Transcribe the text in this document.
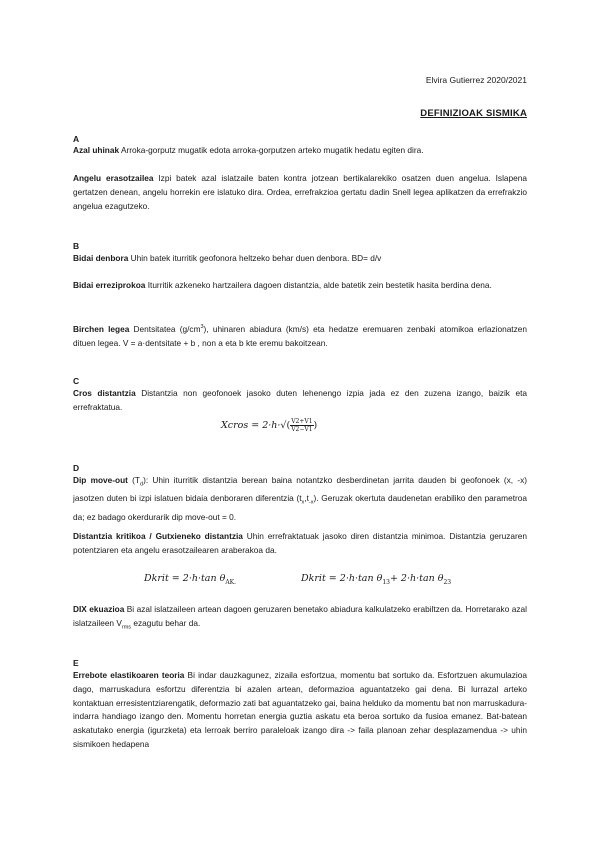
Elvira Gutierrez 2020/2021
DEFINIZIOAK SISMIKA
A
Azal uhinak Arroka-gorputz mugatik edota arroka-gorputzen arteko mugatik hedatu egiten dira.
Angelu erasotzailea Izpi batek azal islatzaile baten kontra jotzean bertikalarekiko osatzen duen angelua. Islapena gertatzen denean, angelu horrekin ere islatuko dira. Ordea, errefrakzioa gertatu dadin Snell legea aplikatzen da errefrakzio angelua ezagutzeko.
B
Bidai denbora Uhin batek iturritik geofonora heltzeko behar duen denbora. BD= d/v
Bidai erreziprokoa Iturritik azkeneko hartzailera dagoen distantzia, alde batetik zein bestetik hasita berdina dena.
Birchen legea Dentsitatea $(g/cm^3)$, uhinaren abiadura (km/s) eta hedatze eremuaren zenbaki atomikoa erlazionatzen dituen legea. V = a·dentsitate + b , non a eta b kte eremu bakoitzean.
C
Cros distantzia Distantzia non geofonoek jasoko duten lehenengo izpia jada ez den zuzena izango, baizik eta errefraktatua.
Xcros = $2\cdot h\cdot√( \frac{V2+V1}{V2-V1}$ )
D
Dip move-out $(T_d)$: Uhin iturritik distantzia berean baina notantzko desberdinetan jarrita dauden bi geofonoek (x, -x) jasotzen duten bi izpi islatuen bidaia denboraren diferentzia $(t_x,t_{-x})$. Geruzak okertuta daudenetan erabiliko den parametroa da; ez badago okerdurarik dip move-out = 0.
Distantzia kritikoa / Gutxieneko distantzia Uhin errefraktatuak jasoko diren distantzia minimoa. Distantzia geruzaren potentziaren eta angelu erasotzailearen araberakoa da.
Dkrit = 2·h·tan $\theta_{AK.}$	Dkrit = 2·h·tan $\theta_{13}+ 2\cdot h\cdot\tan$ $\theta_{23}$
DIX ekuazioa Bi azal islatzaileen artean dagoen geruzaren benetako abiadura kalkulatzeko erabiltzen da. Horretarako azal islatzaileen $V_{rms}$ ezagutu behar da.
E
Errebote elastikoaren teoria Bi indar dauzkagunez, zizaila esfortzua, momentu bat sortuko da. Esfortzuen akumulazioa dago, marruskadura esfortzu diferentzia bi azalen artean, deformazioa aguantatzeko gai dena. Bi lurrazal arteko kontaktuan erresistentziarengatik, deformazio zati bat aguantatzeko gai, baina helduko da momentu bat non marruskadura-indarra handiago izango den. Momentu horretan energia guztia askatu eta beroa sortuko da fusioa emanez. Bat-batean askatutako energia (igurzketa) eta lerroak berriro paraleloak izango dira -> faila planoan zehar desplazamendua -> uhin sismikoen hedapena
